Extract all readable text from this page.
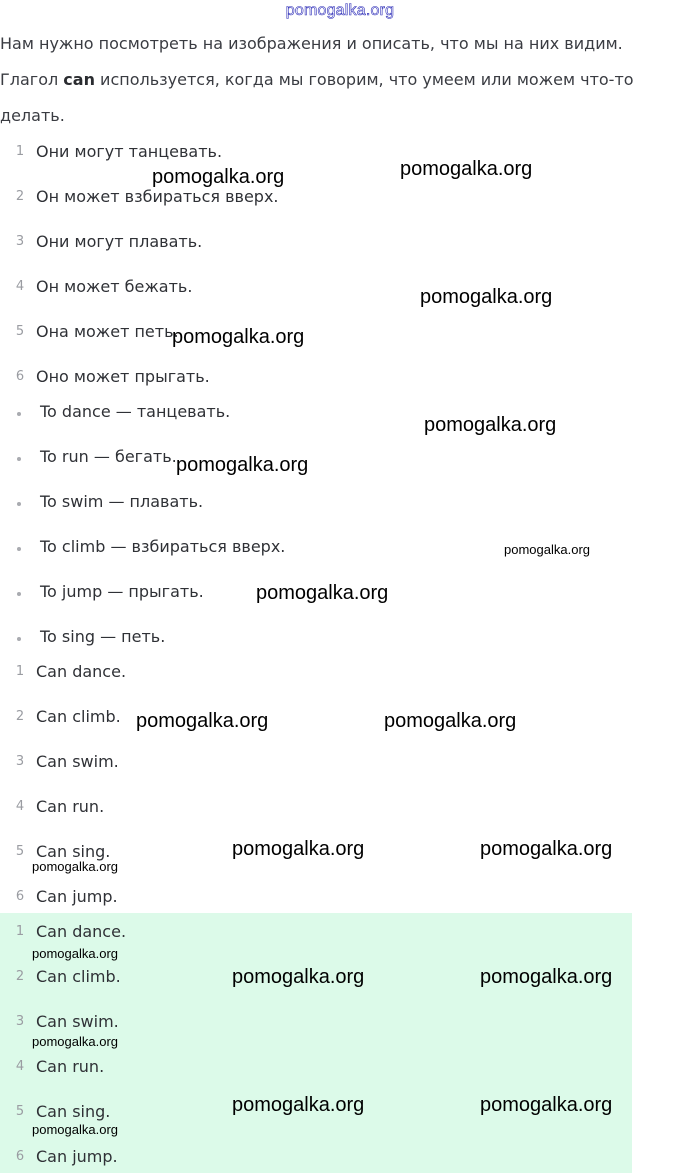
pomogalka.org
Нам нужно посмотреть на изображения и описать, что мы на них видим.
Глагол can используется, когда мы говорим, что умеем или можем что-то
делать.
1 Они могут танцевать.
2 Он может взбираться вверх.
3 Они могут плавать.
4 Он может бежать.
5 Она может петь.
6 Оно может прыгать.
To dance — танцевать.
To run — бегать.
To swim — плавать.
To climb — взбираться вверх.
To jump — прыгать.
To sing — петь.
1 Can dance.
2 Can climb.
3 Can swim.
4 Can run.
5 Can sing.
6 Can jump.
1 Can dance.
2 Can climb.
3 Can swim.
4 Can run.
5 Can sing.
6 Can jump.
pomogalka.org	pomogalka.org
pomogalka.org
pomogalka.org
pomogalka.org
pomogalka.org
pomogalka.org
pomogalka.org
pomogalka.org	pomogalka.org
pomogalka.org	pomogalka.org
pomogalka.org
pomogalka.org
pomogalka.org	pomogalka.org
pomogalka.org
pomogalka.org	pomogalka.org
pomogalka.org
